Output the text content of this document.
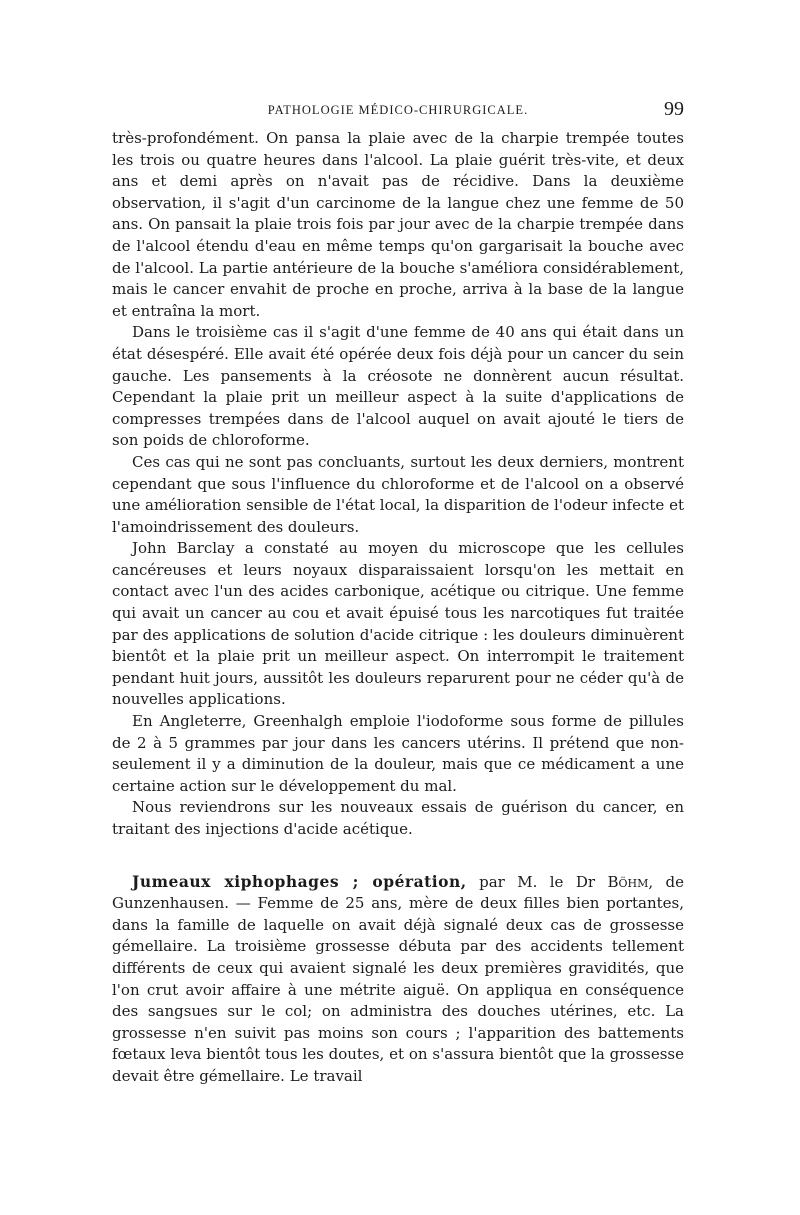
PATHOLOGIE MÉDICO-CHIRURGICALE.	99

très-profondément. On pansa la plaie avec de la charpie trempée toutes les trois ou quatre heures dans l'alcool. La plaie guérit très-vite, et deux ans et demi après on n'avait pas de récidive. Dans la deuxième observation, il s'agit d'un carcinome de la langue chez une femme de 50 ans. On pansait la plaie trois fois par jour avec de la charpie trempée dans de l'alcool étendu d'eau en même temps qu'on gargarisait la bouche avec de l'alcool. La partie antérieure de la bouche s'améliora considérablement, mais le cancer envahit de proche en proche, arriva à la base de la langue et entraîna la mort.

Dans le troisième cas il s'agit d'une femme de 40 ans qui était dans un état désespéré. Elle avait été opérée deux fois déjà pour un cancer du sein gauche. Les pansements à la créosote ne donnèrent aucun résultat. Cependant la plaie prit un meilleur aspect à la suite d'applications de compresses trempées dans de l'alcool auquel on avait ajouté le tiers de son poids de chloroforme.

Ces cas qui ne sont pas concluants, surtout les deux derniers, montrent cependant que sous l'influence du chloroforme et de l'alcool on a observé une amélioration sensible de l'état local, la disparition de l'odeur infecte et l'amoindrissement des douleurs.

John Barclay a constaté au moyen du microscope que les cellules cancéreuses et leurs noyaux disparaissaient lorsqu'on les mettait en contact avec l'un des acides carbonique, acétique ou citrique. Une femme qui avait un cancer au cou et avait épuisé tous les narcotiques fut traitée par des applications de solution d'acide citrique : les douleurs diminuèrent bientôt et la plaie prit un meilleur aspect. On interrompit le traitement pendant huit jours, aussitôt les douleurs reparurent pour ne céder qu'à de nouvelles applications.

En Angleterre, Greenhalgh emploie l'iodoforme sous forme de pillules de 2 à 5 grammes par jour dans les cancers utérins. Il prétend que non-seulement il y a diminution de la douleur, mais que ce médicament a une certaine action sur le développement du mal.

Nous reviendrons sur les nouveaux essais de guérison du cancer, en traitant des injections d'acide acétique.

Jumeaux xiphophages ; opération, par M. le Dr Böhm, de Gunzenhausen. — Femme de 25 ans, mère de deux filles bien portantes, dans la famille de laquelle on avait déjà signalé deux cas de grossesse gémellaire. La troisième grossesse débuta par des accidents tellement différents de ceux qui avaient signalé les deux premières gravidités, que l'on crut avoir affaire à une métrite aiguë. On appliqua en conséquence des sangsues sur le col; on administra des douches utérines, etc. La grossesse n'en suivit pas moins son cours ; l'apparition des battements fœtaux leva bientôt tous les doutes, et on s'assura bientôt que la grossesse devait être gémellaire. Le travail
